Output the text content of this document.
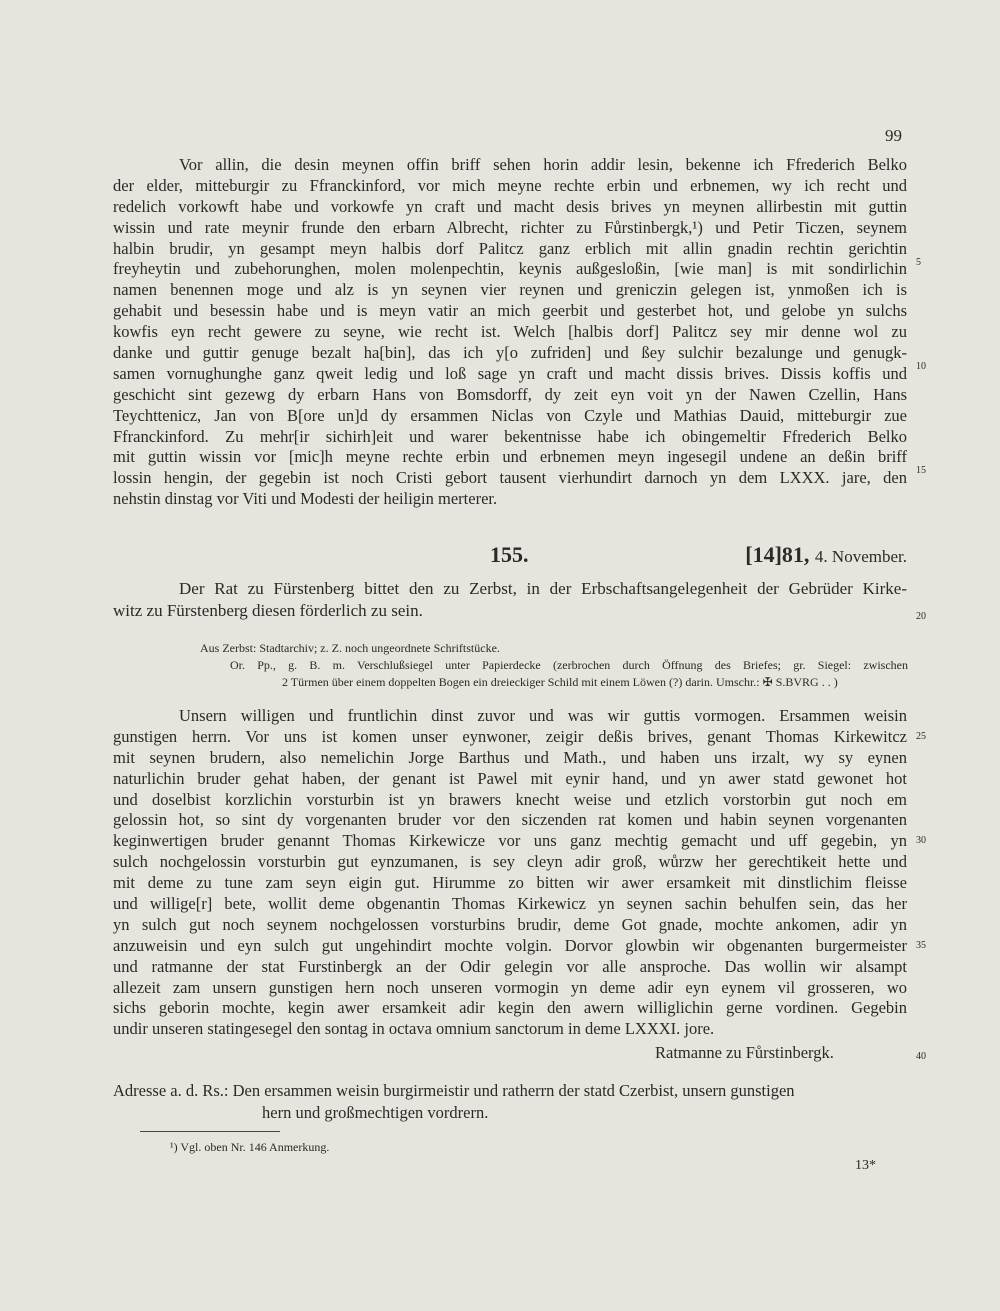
99
Vor allin, die desin meynen offin briff sehen horin addir lesin, bekenne ich Ffrederich Belko
der elder, mitteburgir zu Ffranckinford, vor mich meyne rechte erbin und erbnemen, wy ich recht und
redelich vorkowft habe und vorkowfe yn craft und macht desis brives yn meynen allirbestin mit guttin
wissin und rate meynir frunde den erbarn Albrecht, richter zu Fůrstinbergk,¹) und Petir Ticzen, seynem
halbin brudir, yn gesampt meyn halbis dorf Palitcz ganz erblich mit allin gnadin rechtin gerichtin
freyheytin und zubehorunghen, molen molenpechtin, keynis außgesloßin, [wie man] is mit sondirlichin
namen benennen moge und alz is yn seynen vier reynen und greniczin gelegen ist, ynmoßen ich is
gehabit und besessin habe und is meyn vatir an mich geerbit und gesterbet hot, und gelobe yn sulchs
kowfis eyn recht gewere zu seyne, wie recht ist. Welch [halbis dorf] Palitcz sey mir denne wol zu
danke und guttir genuge bezalt ha[bin], das ich y[o zufriden] und ßey sulchir bezalunge und genugk-
samen vornughunghe ganz qweit ledig und loß sage yn craft und macht dissis brives. Dissis koffis und
geschicht sint gezewg dy erbarn Hans von Bomsdorff, dy zeit eyn voit yn der Nawen Czellin, Hans
Teychttenicz, Jan von B[ore un]d dy ersammen Niclas von Czyle und Mathias Dauid, mitteburgir zue
Ffranckinford. Zu mehr[ir sichirh]eit und warer bekentnisse habe ich obingemeltir Ffrederich Belko
mit guttin wissin vor [mic]h meyne rechte erbin und erbnemen meyn ingesegil undene an deßin briff
lossin hengin, der gegebin ist noch Cristi gebort tausent vierhundirt darnoch yn dem LXXX. jare, den
nehstin dinstag vor Viti und Modesti der heiligin merterer.
155.	[14]81, 4. November.
Der Rat zu Fürstenberg bittet den zu Zerbst, in der Erbschaftsangelegenheit der Gebrüder Kirke-
witz zu Fürstenberg diesen förderlich zu sein.
Aus Zerbst: Stadtarchiv; z. Z. noch ungeordnete Schriftstücke.
Or. Pp., g. B. m. Verschlußsiegel unter Papierdecke (zerbrochen durch Öffnung des Briefes; gr. Siegel: zwischen
2 Türmen über einem doppelten Bogen ein dreieckiger Schild mit einem Löwen (?) darin. Umschr.: ✠ S.BVRG . . )
Unsern willigen und fruntlichin dinst zuvor und was wir guttis vormogen. Ersammen weisin
gunstigen herrn. Vor uns ist komen unser eynwoner, zeigir deßis brives, genant Thomas Kirkewitcz
mit seynen brudern, also nemelichin Jorge Barthus und Math., und haben uns irzalt, wy sy eynen
naturlichin bruder gehat haben, der genant ist Pawel mit eynir hand, und yn awer statd gewonet hot
und doselbist korzlichin vorsturbin ist yn brawers knecht weise und etzlich vorstorbin gut noch em
gelossin hot, so sint dy vorgenanten bruder vor den siczenden rat komen und habin seynen vorgenanten
keginwertigen bruder genannt Thomas Kirkewicze vor uns ganz mechtig gemacht und uff gegebin, yn
sulch nochgelossin vorsturbin gut eynzumanen, is sey cleyn adir groß, wůrzw her gerechtikeit hette und
mit deme zu tune zam seyn eigin gut. Hirumme zo bitten wir awer ersamkeit mit dinstlichim fleisse
und willige[r] bete, wollit deme obgenantin Thomas Kirkewicz yn seynen sachin behulfen sein, das her
yn sulch gut noch seynem nochgelossen vorsturbins brudir, deme Got gnade, mochte ankomen, adir yn
anzuweisin und eyn sulch gut ungehindirt mochte volgin. Dorvor glowbin wir obgenanten burgermeister
und ratmanne der stat Furstinbergk an der Odir gelegin vor alle ansproche. Das wollin wir alsampt
allezeit zam unsern gunstigen hern noch unseren vormogin yn deme adir eyn eynem vil grosseren, wo
sichs geborin mochte, kegin awer ersamkeit adir kegin den awern williglichin gerne vordinen. Gegebin
undir unseren statingesegel den sontag in octava omnium sanctorum in deme LXXXI. jore.
Ratmanne zu Fůrstinbergk.
Adresse a. d. Rs.: Den ersammen weisin burgirmeistir und ratherrn der statd Czerbist, unsern gunstigen
hern und großmechtigen vordrern.
¹) Vgl. oben Nr. 146 Anmerkung.
13*
5
10
15
20
25
30
35
40
